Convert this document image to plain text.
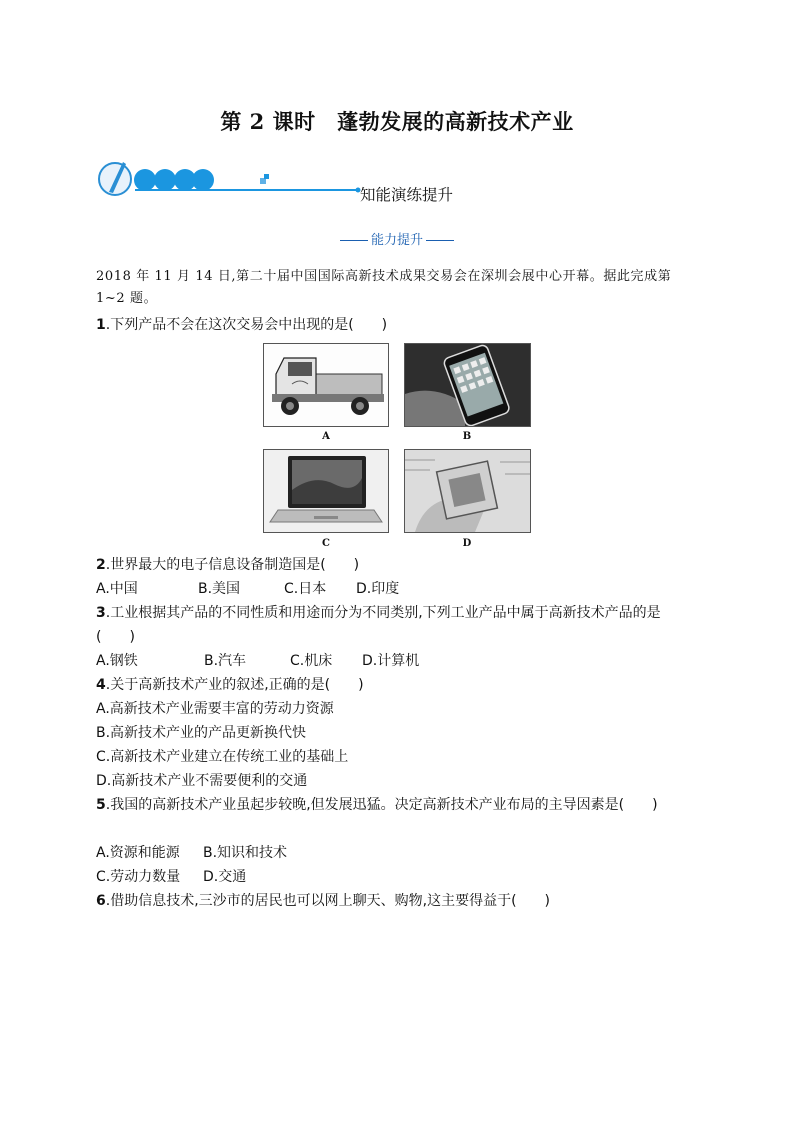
第 2 课时　蓬勃发展的高新技术产业
知能演练提升
能力提升
2018 年 11 月 14 日,第二十届中国国际高新技术成果交易会在深圳会展中心开幕。据此完成第 1~2 题。
1.下列产品不会在这次交易会中出现的是(　　)
A	B
C	D
2.世界最大的电子信息设备制造国是(　　)
A.中国	B.美国	C.日本 D.印度
3.工业根据其产品的不同性质和用途而分为不同类别,下列工业产品中属于高新技术产品的是(　　)
A.钢铁	B.汽车	C.机床 D.计算机
4.关于高新技术产业的叙述,正确的是(　　)
A.高新技术产业需要丰富的劳动力资源
B.高新技术产业的产品更新换代快
C.高新技术产业建立在传统工业的基础上
D.高新技术产业不需要便利的交通
5.我国的高新技术产业虽起步较晚,但发展迅猛。决定高新技术产业布局的主导因素是(　　)
A.资源和能源 B.知识和技术
C.劳动力数量 D.交通
6.借助信息技术,三沙市的居民也可以网上聊天、购物,这主要得益于(　　)
